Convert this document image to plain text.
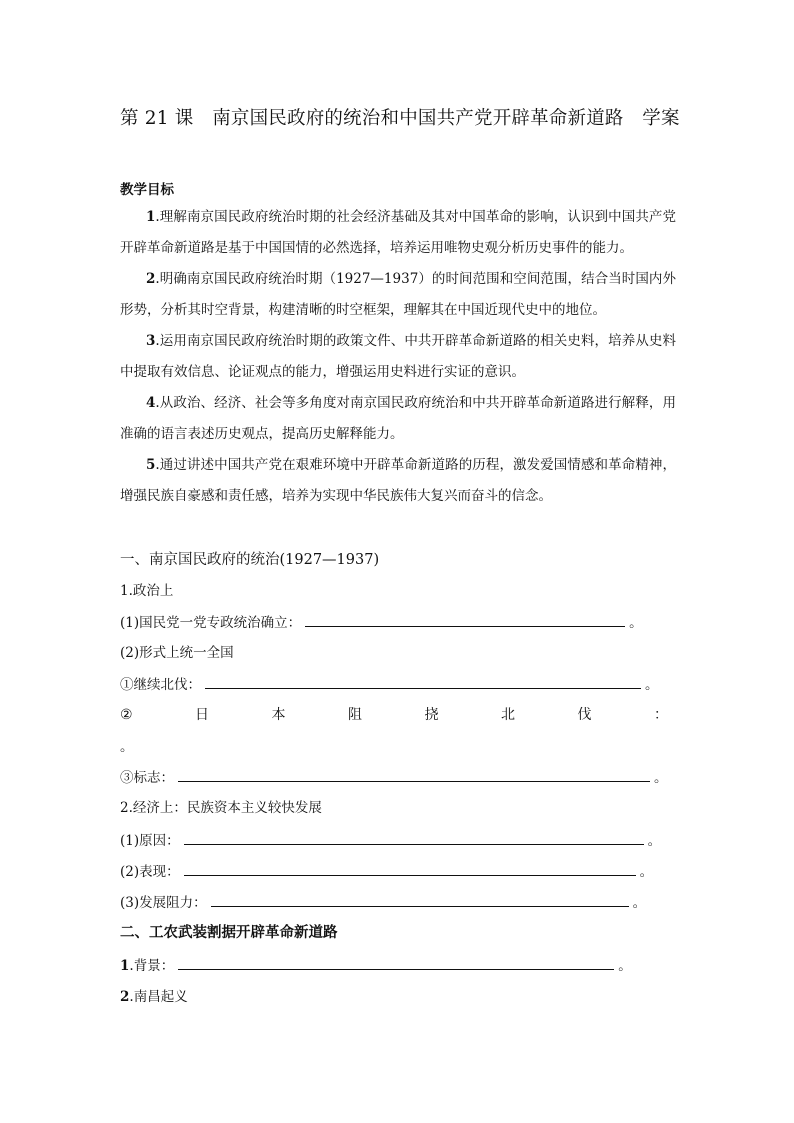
第 21 课　南京国民政府的统治和中国共产党开辟革命新道路　学案
教学目标
1.理解南京国民政府统治时期的社会经济基础及其对中国革命的影响，认识到中国共产党开辟革命新道路是基于中国国情的必然选择，培养运用唯物史观分析历史事件的能力。
2.明确南京国民政府统治时期（1927—1937）的时间范围和空间范围，结合当时国内外形势，分析其时空背景，构建清晰的时空框架，理解其在中国近现代史中的地位。
3.运用南京国民政府统治时期的政策文件、中共开辟革命新道路的相关史料，培养从史料中提取有效信息、论证观点的能力，增强运用史料进行实证的意识。
4.从政治、经济、社会等多角度对南京国民政府统治和中共开辟革命新道路进行解释，用准确的语言表述历史观点，提高历史解释能力。
5.通过讲述中国共产党在艰难环境中开辟革命新道路的历程，激发爱国情感和革命精神，增强民族自豪感和责任感，培养为实现中华民族伟大复兴而奋斗的信念。
一、南京国民政府的统治(1927—1937)
1.政治上
(1)国民党一党专政统治确立：	。
(2)形式上统一全国
①继续北伐：	。
②	日	本	阻	挠	北	伐	：
。
③标志：	。
2.经济上：民族资本主义较快发展
(1)原因：	。
(2)表现：	。
(3)发展阻力：	。
二、工农武装割据开辟革命新道路
1.背景：	。
2.南昌起义
